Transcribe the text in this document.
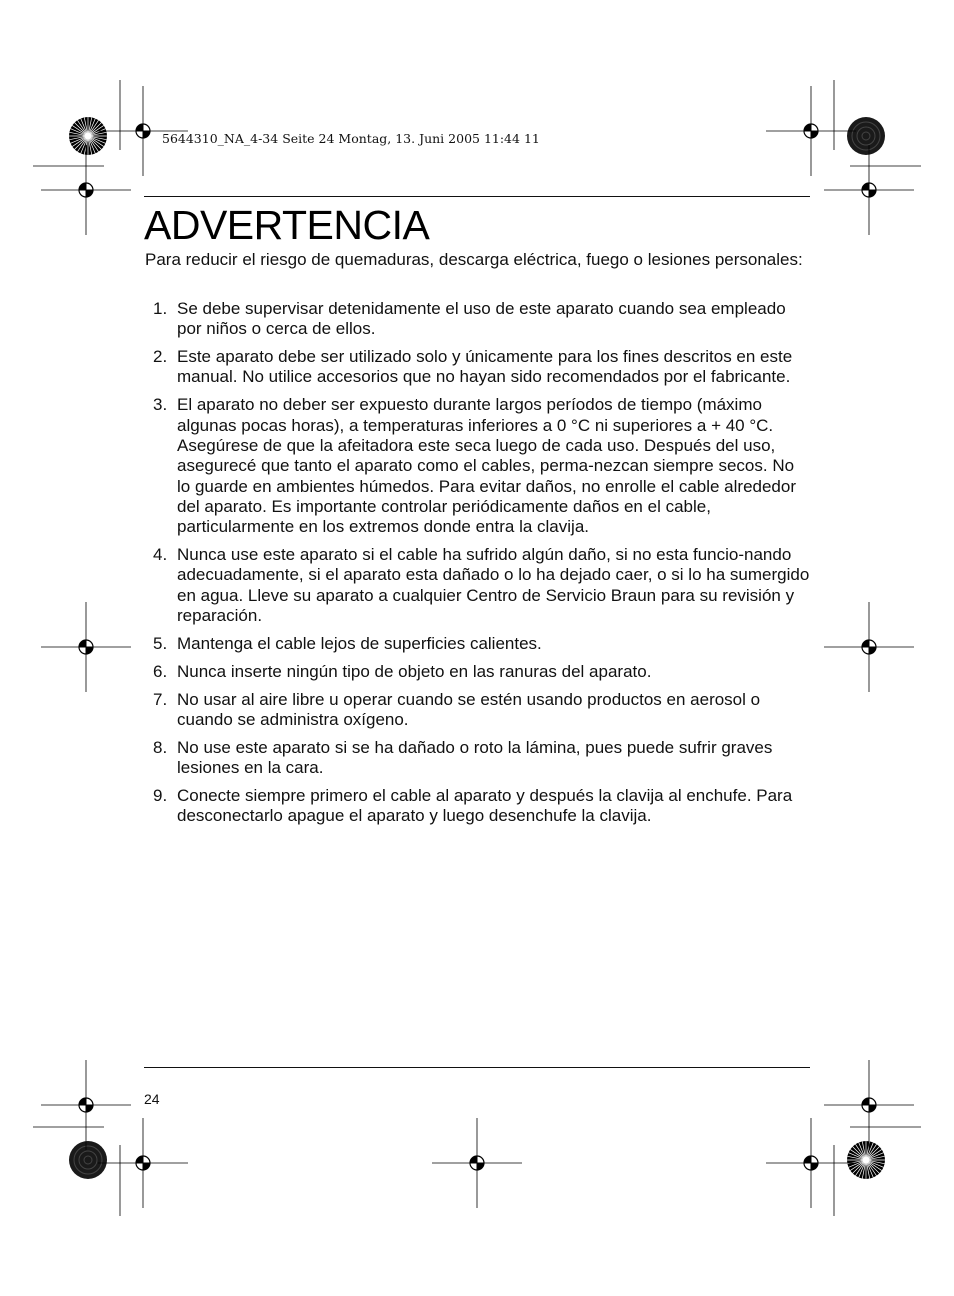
5644310_NA_4-34 Seite 24 Montag, 13. Juni 2005 11:44 11
ADVERTENCIA

Para reducir el riesgo de quemaduras, descarga eléctrica, fuego o lesiones personales:

1. Se debe supervisar detenidamente el uso de este aparato cuando sea empleado por niños o cerca de ellos.
2. Este aparato debe ser utilizado solo y únicamente para los fines descritos en este manual. No utilice accesorios que no hayan sido recomendados por el fabricante.
3. El aparato no deber ser expuesto durante largos períodos de tiempo (máximo algunas pocas horas), a temperaturas inferiores a 0 °C ni superiores a + 40 °C. Asegúrese de que la afeitadora este seca luego de cada uso. Después del uso, asegurесé que tanto el aparato como el cables, perma-nezcan siempre secos. No lo guarde en ambientes húmedos. Para evitar daños, no enrolle el cable alrededor del aparato. Es importante controlar periódicamente daños en el cable, particularmente en los extremos donde entra la clavija.
4. Nunca use este aparato si el cable ha sufrido algún daño, si no esta funcio-nando adecuadamente, si el aparato esta dañado o lo ha dejado caer, o si lo ha sumergido en agua. Lleve su aparato a cualquier Centro de Servicio Braun para su revisión y reparación.
5. Mantenga el cable lejos de superficies calientes.
6. Nunca inserte ningún tipo de objeto en las ranuras del aparato.
7. No usar al aire libre u operar cuando se estén usando productos en aerosol o cuando se administra oxígeno.
8. No use este aparato si se ha dañado o roto la lámina, pues puede sufrir graves lesiones en la cara.
9. Conecte siempre primero el cable al aparato y después la clavija al enchufe. Para desconectarlo apague el aparato y luego desenchufe la clavija.
24
